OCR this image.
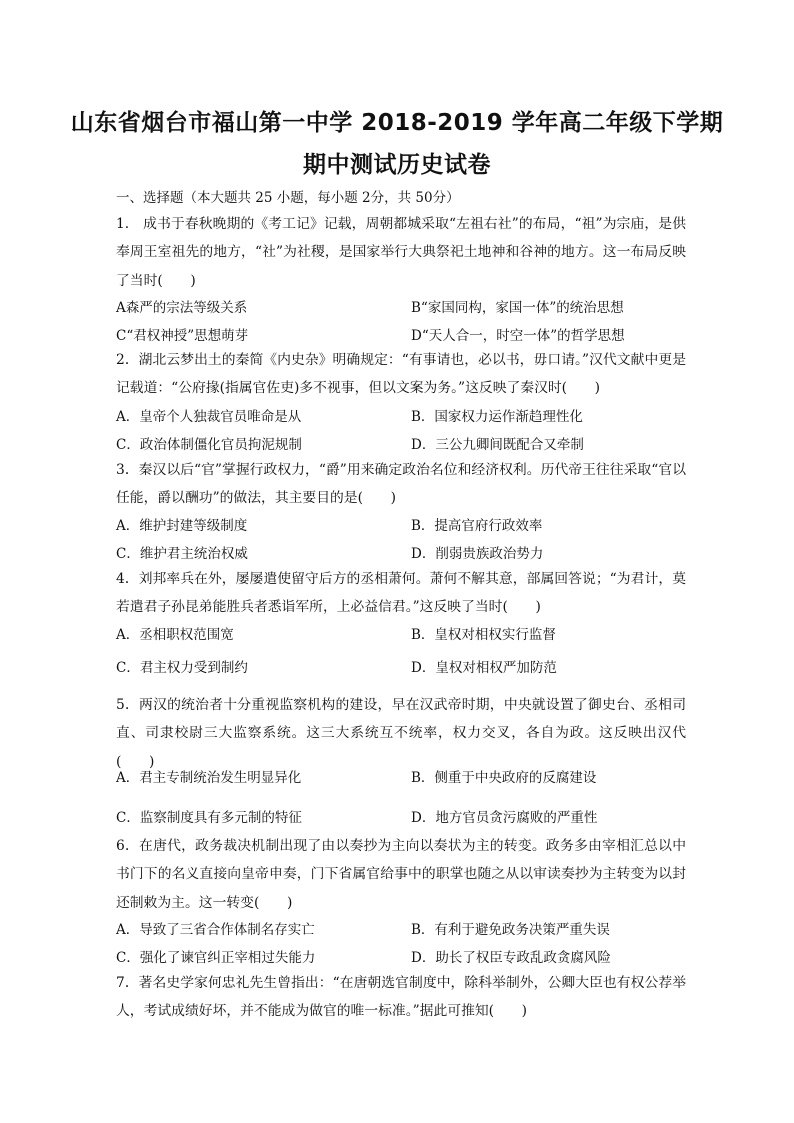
山东省烟台市福山第一中学 2018-2019 学年高二年级下学期
期中测试历史试卷
一、选择题（本大题共 25 小题，每小题 2分，共 50分）
1.　成书于春秋晚期的《考工记》记载，周朝都城采取“左祖右社”的布局，“祖”为宗庙，是供奉周王室祖先的地方，“社”为社稷，是国家举行大典祭祀土地神和谷神的地方。这一布局反映了当时(　　)
A森严的宗法等级关系	B“家国同构，家国一体”的统治思想
C“君权神授”思想萌芽	D“天人合一，时空一体”的哲学思想
2．湖北云梦出土的秦简《内史杂》明确规定：“有事请也，必以书，毋口请。”汉代文献中更是记载道：“公府掾(指属官佐吏)多不视事，但以文案为务。”这反映了秦汉时(　　)
A．皇帝个人独裁官员唯命是从	B．国家权力运作渐趋理性化
C．政治体制僵化官员拘泥规制	D．三公九卿间既配合又牵制
3．秦汉以后“官”掌握行政权力，“爵”用来确定政治名位和经济权利。历代帝王往往采取“官以任能，爵以酬功”的做法，其主要目的是(　　)
A．维护封建等级制度	B．提高官府行政效率
C．维护君主统治权威	D．削弱贵族政治势力
4．刘邦率兵在外，屡屡遣使留守后方的丞相萧何。萧何不解其意，部属回答说；“为君计，莫若遣君子孙昆弟能胜兵者悉诣军所，上必益信君。”这反映了当时(　　)
A．丞相职权范围宽	B．皇权对相权实行监督
C．君主权力受到制约	D．皇权对相权严加防范
5．两汉的统治者十分重视监察机构的建设，早在汉武帝时期，中央就设置了御史台、丞相司直、司隶校尉三大监察系统。这三大系统互不统率，权力交叉，各自为政。这反映出汉代(　　)
A．君主专制统治发生明显异化	B．侧重于中央政府的反腐建设
C．监察制度具有多元制的特征	D．地方官员贪污腐败的严重性
6．在唐代，政务裁决机制出现了由以奏抄为主向以奏状为主的转变。政务多由宰相汇总以中书门下的名义直接向皇帝申奏，门下省属官给事中的职掌也随之从以审读奏抄为主转变为以封还制敕为主。这一转变(　　)
A．导致了三省合作体制名存实亡	B．有利于避免政务决策严重失误
C．强化了谏官纠正宰相过失能力	D．助长了权臣专政乱政贪腐风险
7．著名史学家何忠礼先生曾指出：“在唐朝选官制度中，除科举制外，公卿大臣也有权公荐举人，考试成绩好坏，并不能成为做官的唯一标准。”据此可推知(　　)
